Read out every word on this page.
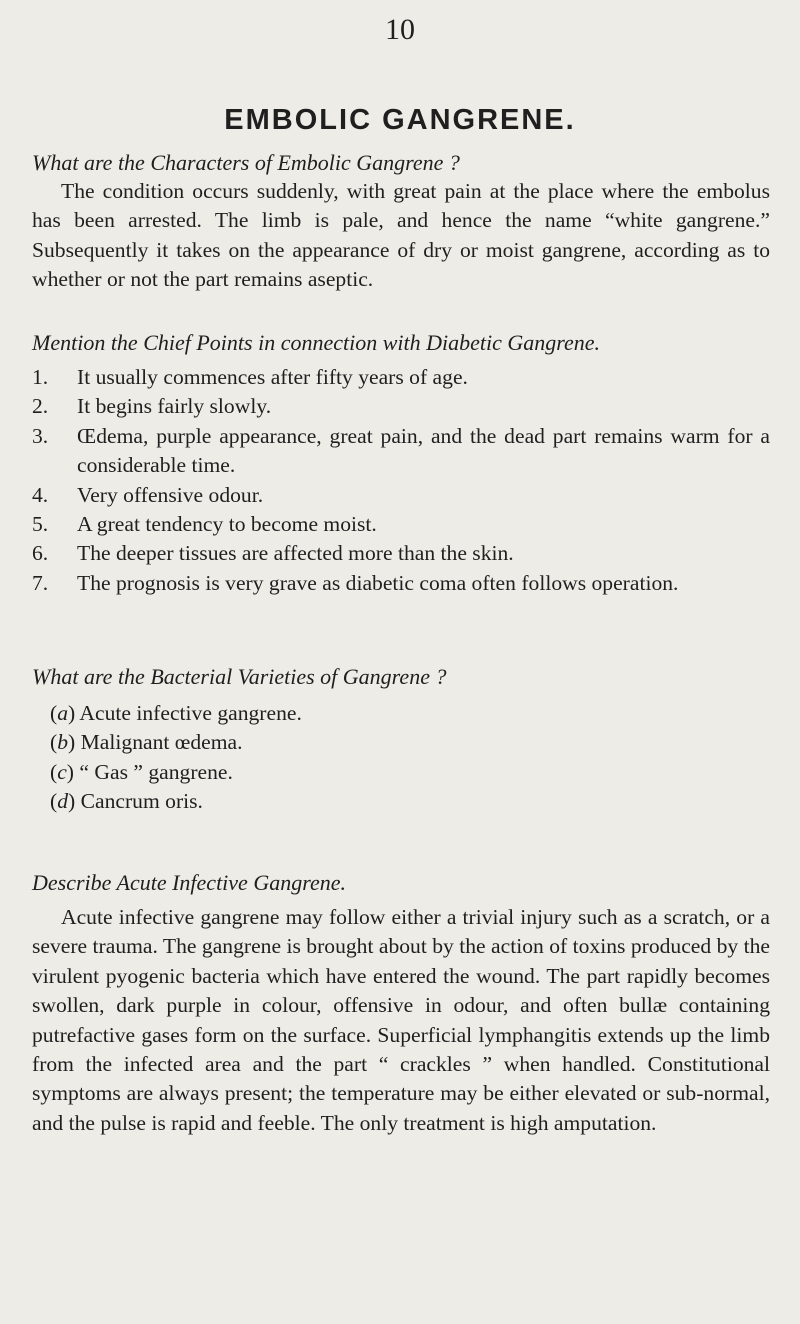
10
EMBOLIC GANGRENE.
What are the Characters of Embolic Gangrene ?

The condition occurs suddenly, with great pain at the place where the embolus has been arrested. The limb is pale, and hence the name “white gangrene.” Subsequently it takes on the appearance of dry or moist gangrene, according as to whether or not the part remains aseptic.

Mention the Chief Points in connection with Diabetic Gangrene.
1. It usually commences after fifty years of age.
2. It begins fairly slowly.
3. Œdema, purple appearance, great pain, and the dead part remains warm for a considerable time.
4. Very offensive odour.
5. A great tendency to become moist.
6. The deeper tissues are affected more than the skin.
7. The prognosis is very grave as diabetic coma often follows operation.
What are the Bacterial Varieties of Gangrene ?
(a) Acute infective gangrene.
(b) Malignant œdema.
(c) “ Gas ” gangrene.
(d) Cancrum oris.
Describe Acute Infective Gangrene.

Acute infective gangrene may follow either a trivial injury such as a scratch, or a severe trauma. The gangrene is brought about by the action of toxins produced by the virulent pyogenic bacteria which have entered the wound. The part rapidly becomes swollen, dark purple in colour, offensive in odour, and often bullæ containing putrefactive gases form on the surface. Superficial lymphangitis extends up the limb from the infected area and the part “ crackles ” when handled. Constitutional symptoms are always present; the temperature may be either elevated or sub-normal, and the pulse is rapid and feeble. The only treatment is high amputation.
